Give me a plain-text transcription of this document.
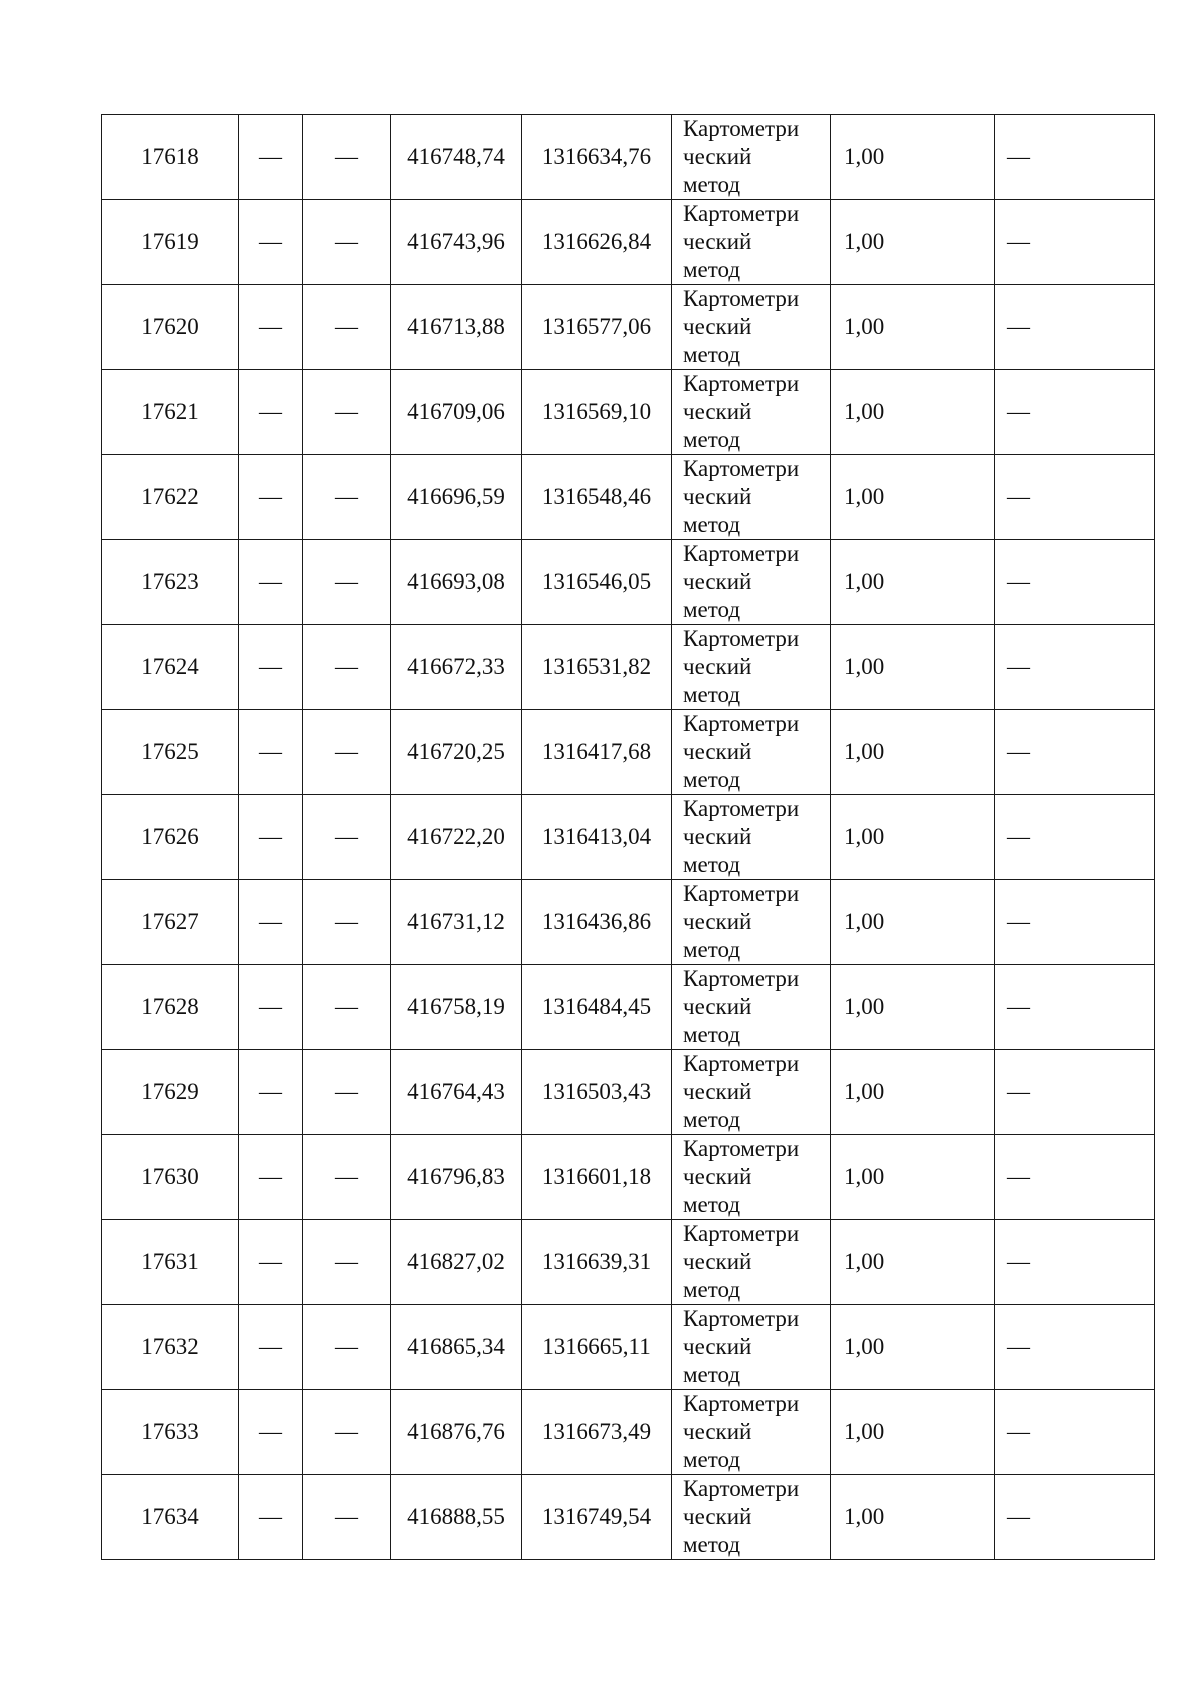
17618	—	—	416748,74	1316634,76	Картометри
ческий
метод	1,00	—
17619	—	—	416743,96	1316626,84	Картометри
ческий
метод	1,00	—
17620	—	—	416713,88	1316577,06	Картометри
ческий
метод	1,00	—
17621	—	—	416709,06	1316569,10	Картометри
ческий
метод	1,00	—
17622	—	—	416696,59	1316548,46	Картометри
ческий
метод	1,00	—
17623	—	—	416693,08	1316546,05	Картометри
ческий
метод	1,00	—
17624	—	—	416672,33	1316531,82	Картометри
ческий
метод	1,00	—
17625	—	—	416720,25	1316417,68	Картометри
ческий
метод	1,00	—
17626	—	—	416722,20	1316413,04	Картометри
ческий
метод	1,00	—
17627	—	—	416731,12	1316436,86	Картометри
ческий
метод	1,00	—
17628	—	—	416758,19	1316484,45	Картометри
ческий
метод	1,00	—
17629	—	—	416764,43	1316503,43	Картометри
ческий
метод	1,00	—
17630	—	—	416796,83	1316601,18	Картометри
ческий
метод	1,00	—
17631	—	—	416827,02	1316639,31	Картометри
ческий
метод	1,00	—
17632	—	—	416865,34	1316665,11	Картометри
ческий
метод	1,00	—
17633	—	—	416876,76	1316673,49	Картометри
ческий
метод	1,00	—
17634	—	—	416888,55	1316749,54	Картометри
ческий
метод	1,00	—
